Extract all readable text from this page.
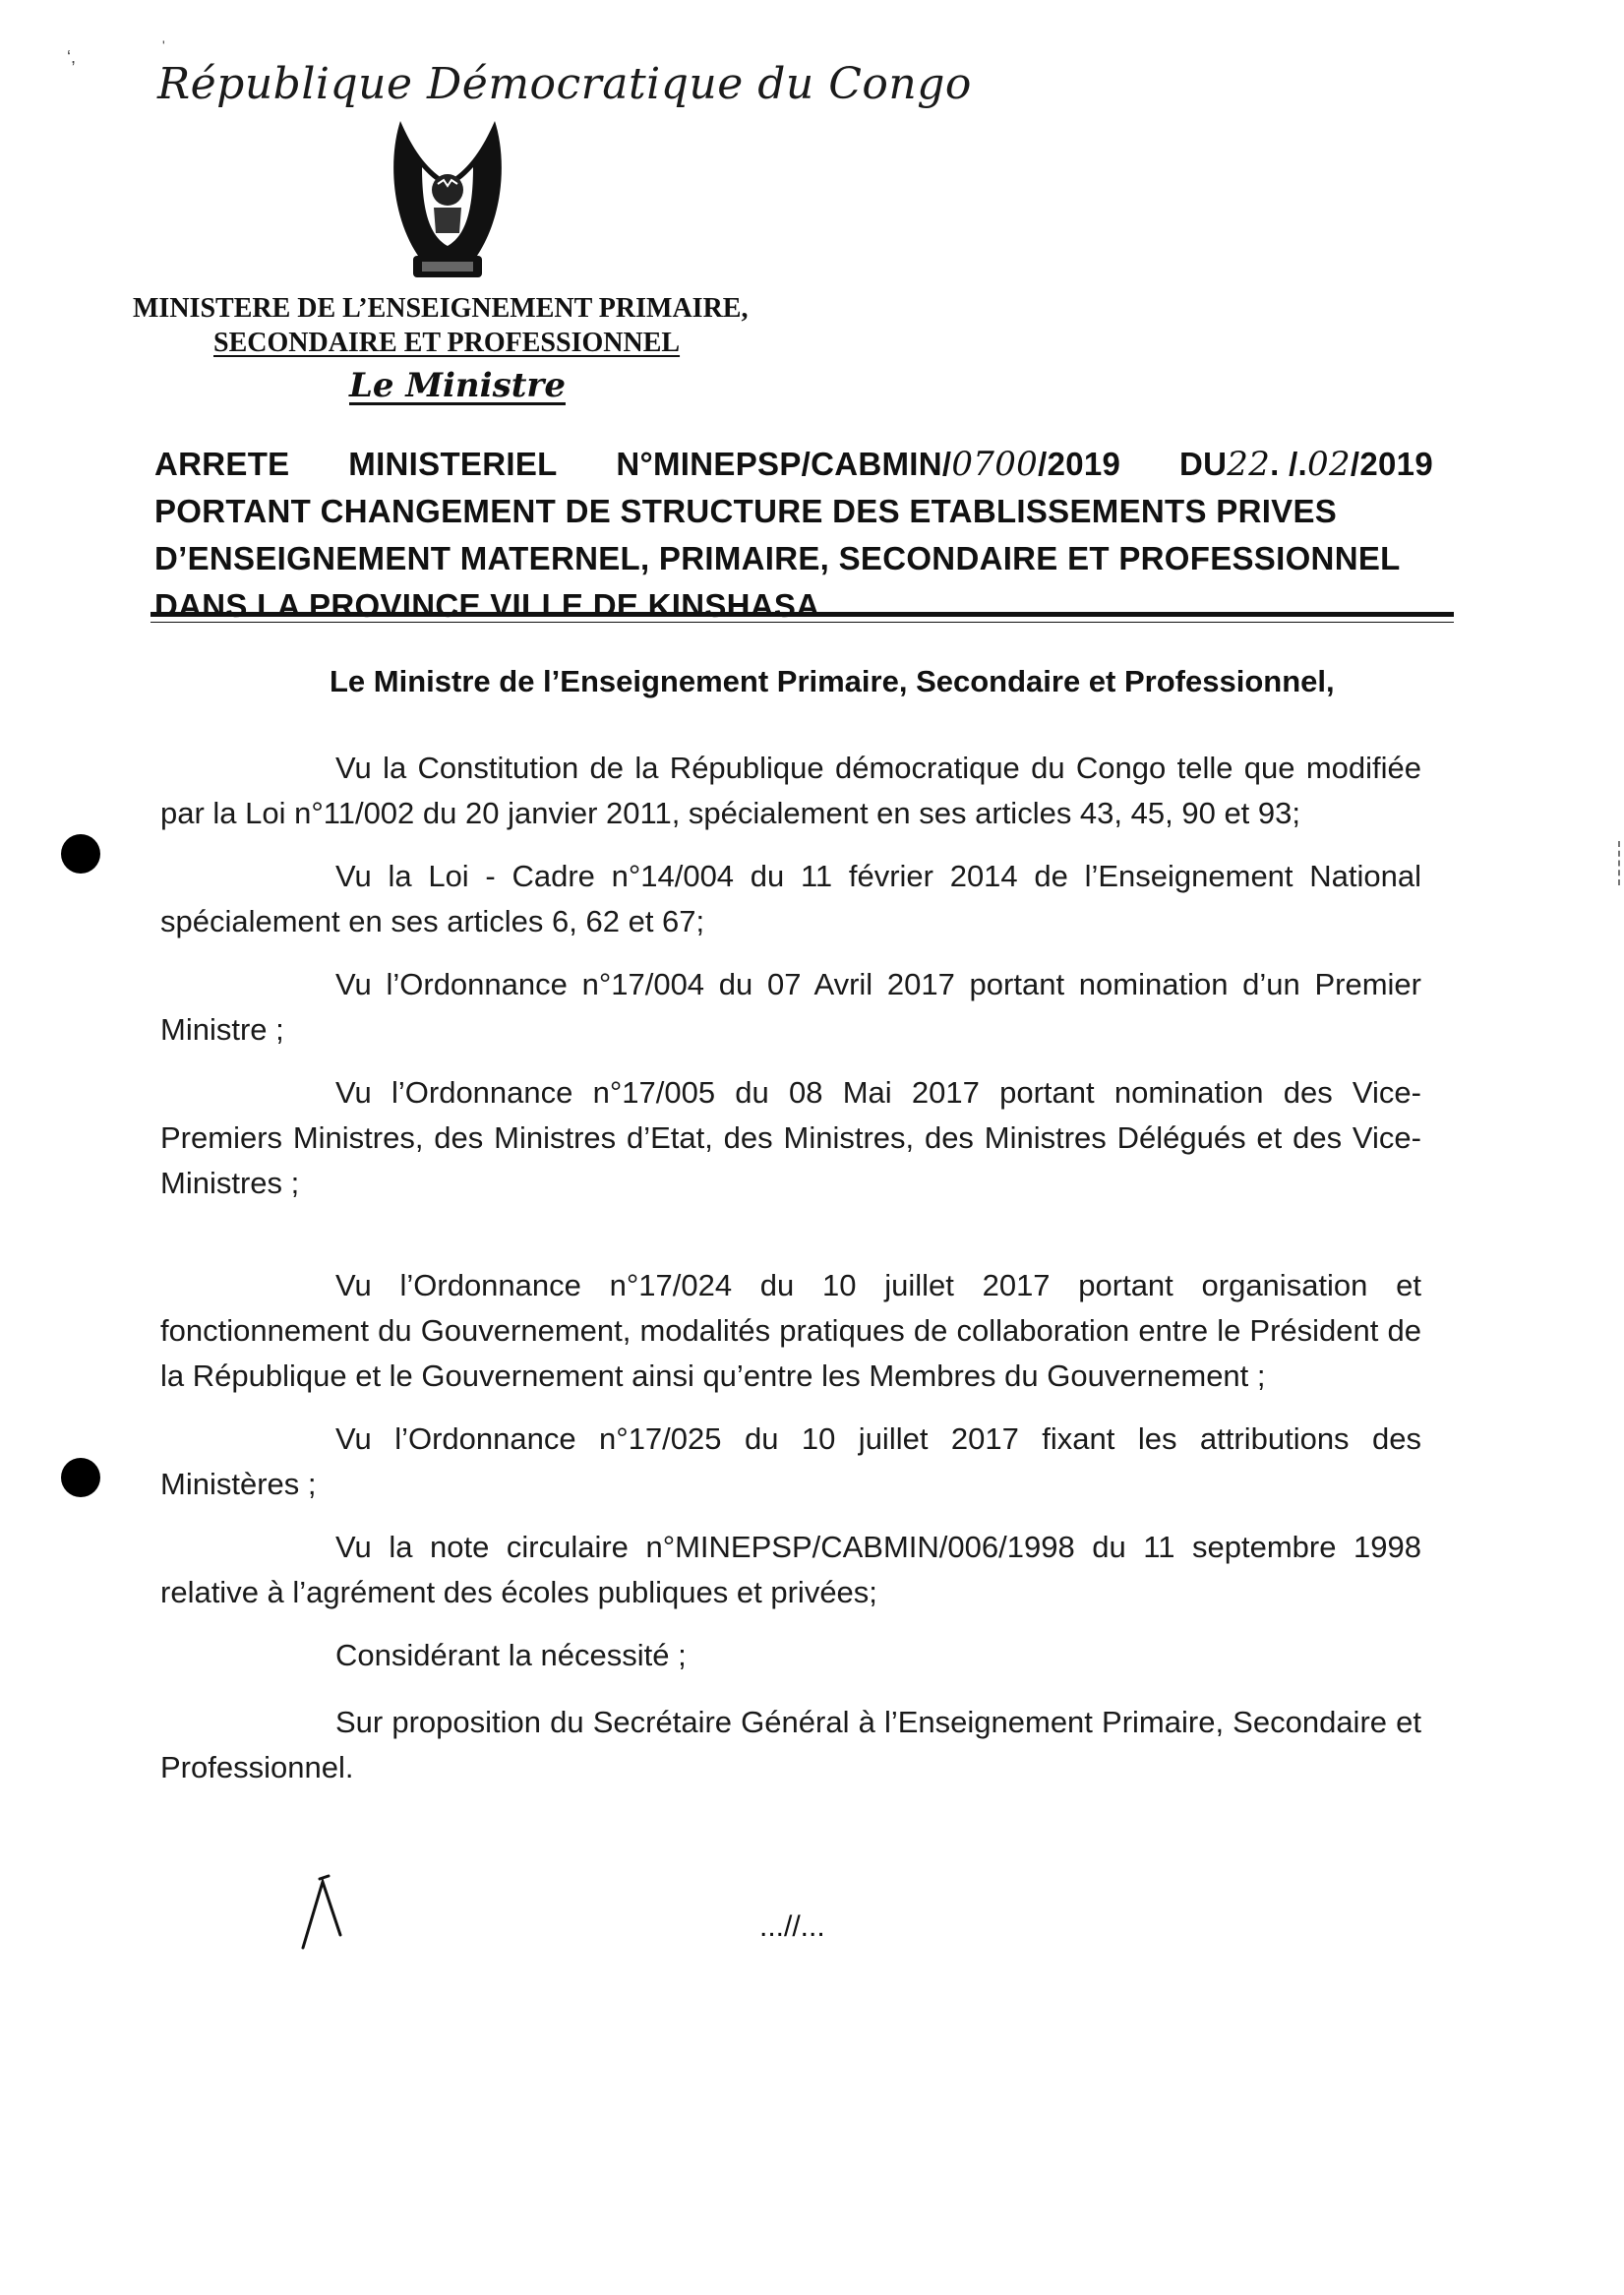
‘,
'
République Démocratique du Congo
MINISTERE DE L’ENSEIGNEMENT PRIMAIRE,
SECONDAIRE ET PROFESSIONNEL
Le Ministre
ARRETE MINISTERIEL N°MINEPSP/CABMIN/0700/2019 DU22. /.02/2019
PORTANT CHANGEMENT DE STRUCTURE DES ETABLISSEMENTS PRIVES
D’ENSEIGNEMENT MATERNEL, PRIMAIRE, SECONDAIRE ET PROFESSIONNEL
DANS LA PROVINCE VILLE DE KINSHASA.
Le Ministre de l’Enseignement Primaire, Secondaire et Professionnel,

Vu la Constitution de la République démocratique du Congo telle que modifiée par la Loi n°11/002 du 20 janvier 2011, spécialement en ses articles 43, 45, 90 et 93;

Vu la Loi - Cadre n°14/004 du 11 février 2014 de l’Enseignement National spécialement en ses articles 6, 62 et 67;

Vu l’Ordonnance n°17/004 du 07 Avril 2017 portant nomination d’un Premier Ministre ;

Vu l’Ordonnance n°17/005 du 08 Mai 2017 portant nomination des Vice-Premiers Ministres, des Ministres d’Etat, des Ministres, des Ministres Délégués et des Vice-Ministres ;

Vu l’Ordonnance n°17/024 du 10 juillet 2017 portant organisation et fonctionnement du Gouvernement, modalités pratiques de collaboration entre le Président de la République et le Gouvernement ainsi qu’entre les Membres du Gouvernement ;

Vu l’Ordonnance n°17/025 du 10 juillet 2017 fixant les attributions des Ministères ;

Vu la note circulaire n°MINEPSP/CABMIN/006/1998 du 11 septembre 1998 relative à l’agrément des écoles publiques et privées;

Considérant la nécessité ;

Sur proposition du Secrétaire Général à l’Enseignement Primaire, Secondaire et Professionnel.

...//...
